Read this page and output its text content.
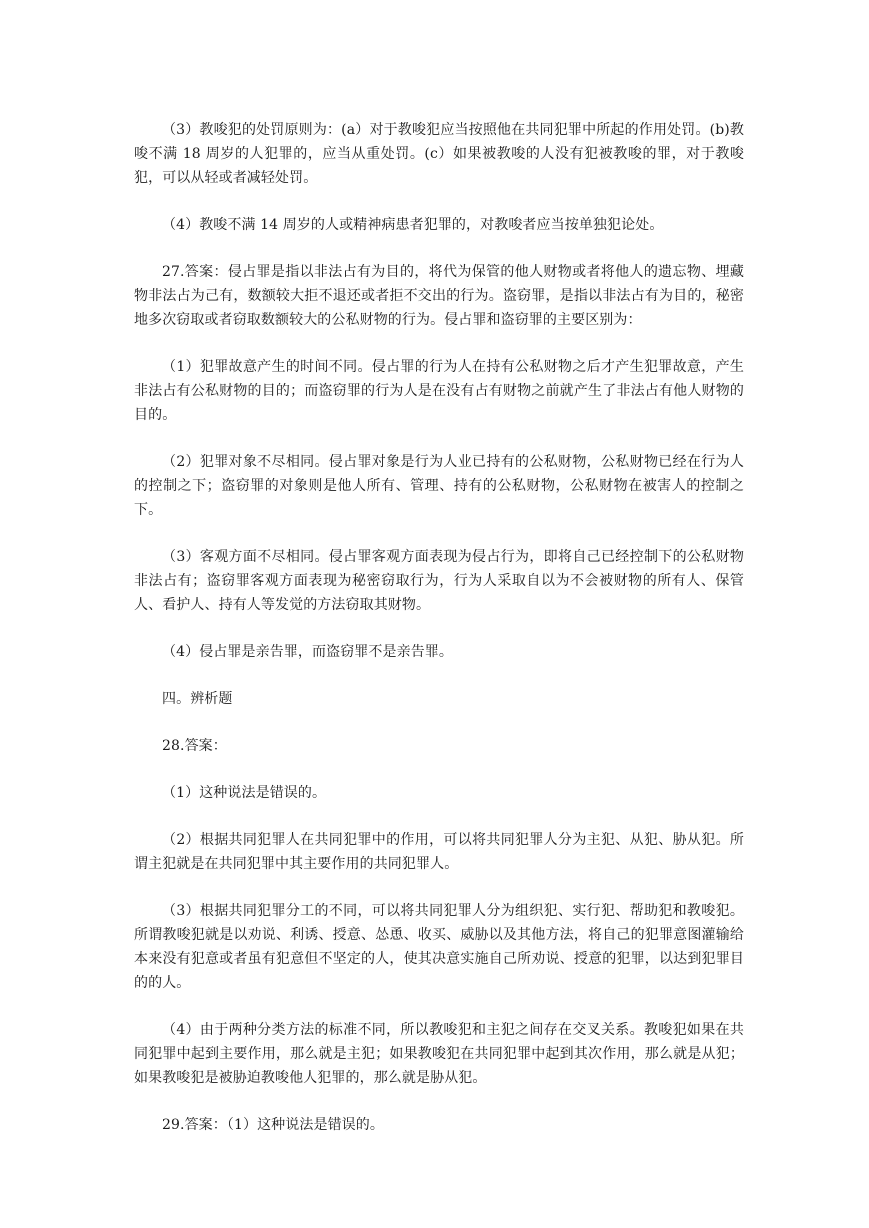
（3）教唆犯的处罚原则为：(a）对于教唆犯应当按照他在共同犯罪中所起的作用处罚。(b)教唆不满 18 周岁的人犯罪的，应当从重处罚。(c）如果被教唆的人没有犯被教唆的罪，对于教唆犯，可以从轻或者减轻处罚。

（4）教唆不满 14 周岁的人或精神病患者犯罪的，对教唆者应当按单独犯论处。

27.答案：侵占罪是指以非法占有为目的，将代为保管的他人财物或者将他人的遗忘物、埋藏物非法占为己有，数额较大拒不退还或者拒不交出的行为。盗窃罪，是指以非法占有为目的，秘密地多次窃取或者窃取数额较大的公私财物的行为。侵占罪和盗窃罪的主要区别为：

（1）犯罪故意产生的时间不同。侵占罪的行为人在持有公私财物之后才产生犯罪故意，产生非法占有公私财物的目的；而盗窃罪的行为人是在没有占有财物之前就产生了非法占有他人财物的目的。

（2）犯罪对象不尽相同。侵占罪对象是行为人业已持有的公私财物，公私财物已经在行为人的控制之下；盗窃罪的对象则是他人所有、管理、持有的公私财物，公私财物在被害人的控制之下。

（3）客观方面不尽相同。侵占罪客观方面表现为侵占行为，即将自己已经控制下的公私财物非法占有；盗窃罪客观方面表现为秘密窃取行为，行为人采取自以为不会被财物的所有人、保管人、看护人、持有人等发觉的方法窃取其财物。

（4）侵占罪是亲告罪，而盗窃罪不是亲告罪。

四。辨析题

28.答案：

（1）这种说法是错误的。

（2）根据共同犯罪人在共同犯罪中的作用，可以将共同犯罪人分为主犯、从犯、胁从犯。所谓主犯就是在共同犯罪中其主要作用的共同犯罪人。

（3）根据共同犯罪分工的不同，可以将共同犯罪人分为组织犯、实行犯、帮助犯和教唆犯。所谓教唆犯就是以劝说、利诱、授意、怂恿、收买、威胁以及其他方法，将自己的犯罪意图灌输给本来没有犯意或者虽有犯意但不坚定的人，使其决意实施自己所劝说、授意的犯罪，以达到犯罪目的的人。

（4）由于两种分类方法的标准不同，所以教唆犯和主犯之间存在交叉关系。教唆犯如果在共同犯罪中起到主要作用，那么就是主犯；如果教唆犯在共同犯罪中起到其次作用，那么就是从犯；如果教唆犯是被胁迫教唆他人犯罪的，那么就是胁从犯。

29.答案：（1）这种说法是错误的。
